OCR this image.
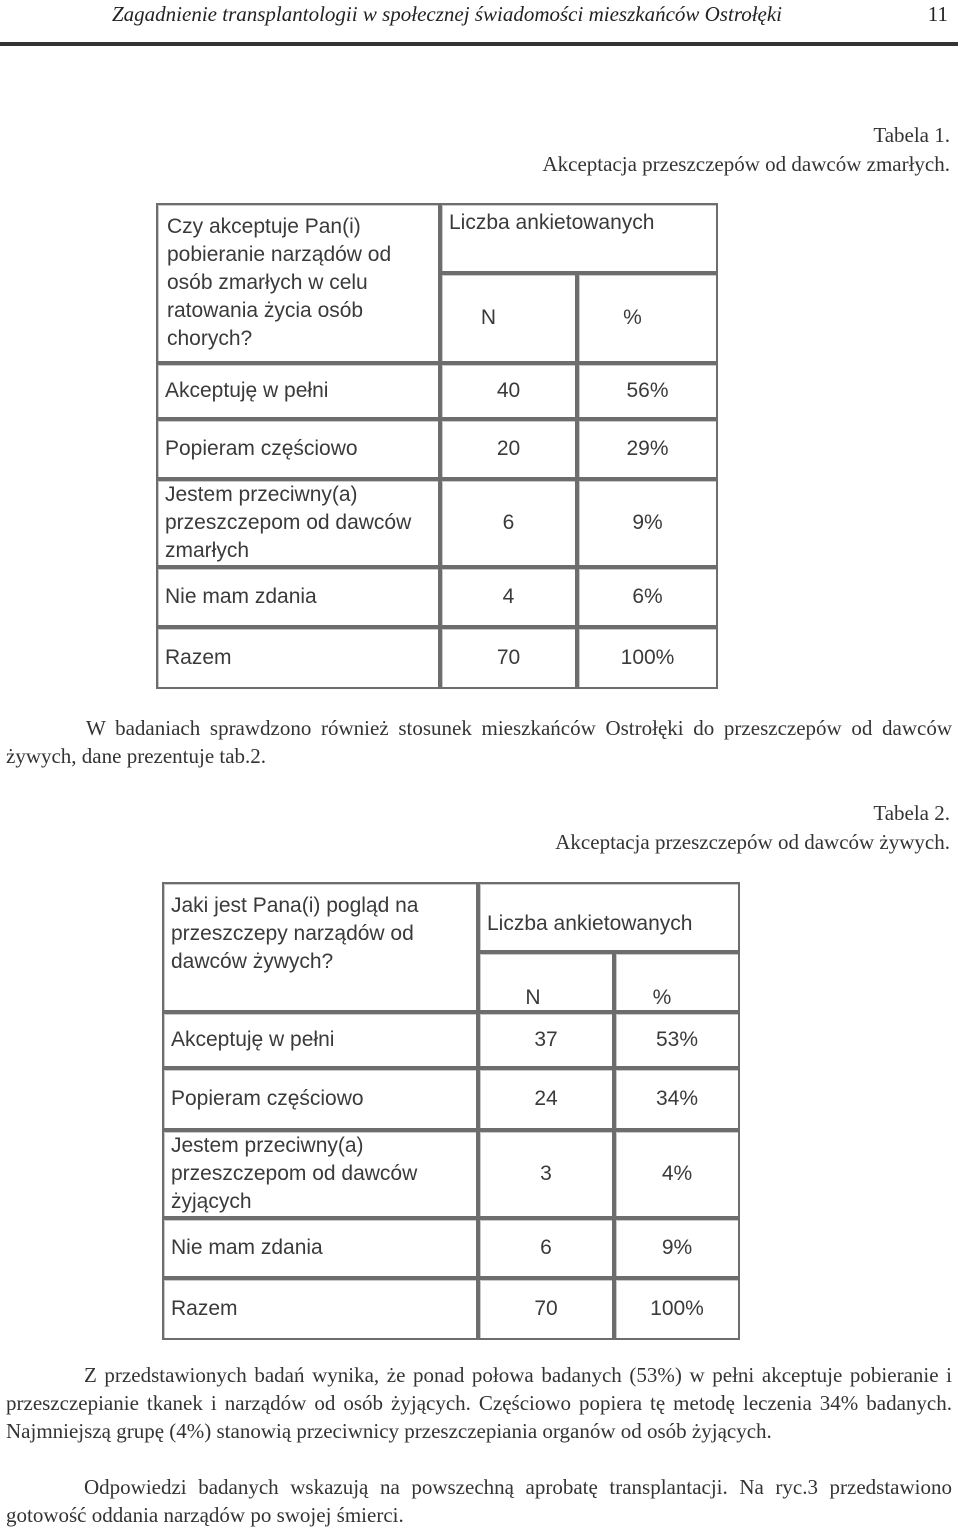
Zagadnienie transplantologii w społecznej świadomości mieszkańców Ostrołęki	11
Tabela 1.
Akceptacja przeszczepów od dawców zmarłych.
Czy akceptuje Pan(i) pobieranie narządów od osób zmarłych w celu ratowania życia osób chorych?	Liczba ankietowanych	
	N	%
Akceptuję w pełni	40	56%
Popieram częściowo	20	29%
Jestem przeciwny(a) przeszczepom od dawców zmarłych	6	9%
Nie mam zdania	4	6%
Razem	70	100%
W badaniach sprawdzono również stosunek mieszkańców Ostrołęki do przeszczepów od dawców żywych, dane prezentuje tab.2.
Tabela 2.
Akceptacja przeszczepów od dawców żywych.
Jaki jest Pana(i) pogląd na przeszczepy narządów od dawców żywych?	Liczba ankietowanych	
	N	%
Akceptuję w pełni	37	53%
Popieram częściowo	24	34%
Jestem przeciwny(a) przeszczepom od dawców żyjących	3	4%
Nie mam zdania	6	9%
Razem	70	100%
Z przedstawionych badań wynika, że ponad połowa badanych (53%) w pełni akceptuje pobieranie i przeszczepianie tkanek i narządów od osób żyjących. Częściowo popiera tę metodę leczenia 34% badanych. Najmniejszą grupę (4%) stanowią przeciwnicy przeszczepiania organów od osób żyjących.
Odpowiedzi badanych wskazują na powszechną aprobatę transplantacji. Na ryc.3 przedstawiono gotowość oddania narządów po swojej śmierci.
